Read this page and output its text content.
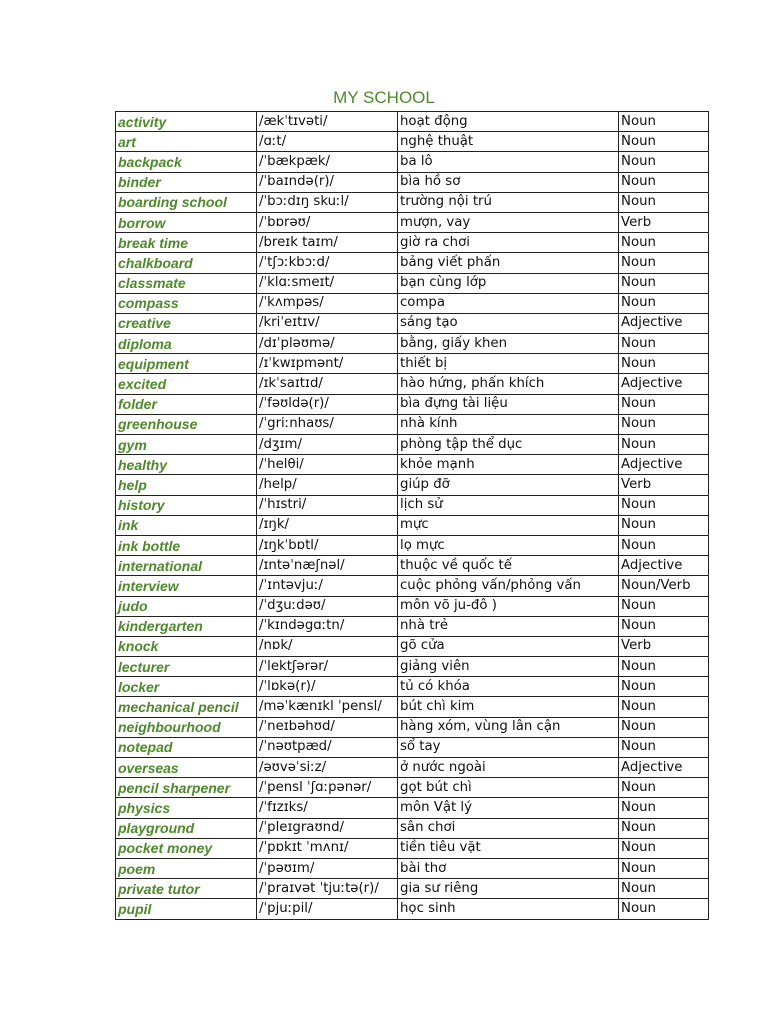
MY SCHOOL
activity	/ækˈtɪvəti/	hoạt động	Noun
art	/ɑːt/	nghệ thuật	Noun
backpack	/ˈbækpæk/	ba lô	Noun
binder	/ˈbaɪndə(r)/	bìa hồ sơ	Noun
boarding school	/ˈbɔːdɪŋ skuːl/	trường nội trú	Noun
borrow	/ˈbɒrəʊ/	mượn, vay	Verb
break time	/breɪk taɪm/	giờ ra chơi	Noun
chalkboard	/ˈtʃɔːkbɔːd/	bảng viết phấn	Noun
classmate	/ˈklɑːsmeɪt/	bạn cùng lớp	Noun
compass	/ˈkʌmpəs/	compa	Noun
creative	/kriˈeɪtɪv/	sáng tạo	Adjective
diploma	/dɪˈpləʊmə/	bằng, giấy khen	Noun
equipment	/ɪˈkwɪpmənt/	thiết bị	Noun
excited	/ɪkˈsaɪtɪd/	hào hứng, phấn khích	Adjective
folder	/ˈfəʊldə(r)/	bìa đựng tài liệu	Noun
greenhouse	/ˈgriːnhaʊs/	nhà kính	Noun
gym	/dʒɪm/	phòng tập thể dục	Noun
healthy	/ˈhelθi/	khỏe mạnh	Adjective
help	/help/	giúp đỡ	Verb
history	/ˈhɪstri/	lịch sử	Noun
ink	/ɪŋk/	mực	Noun
ink bottle	/ɪŋkˈbɒtl/	lọ mực	Noun
international	/ɪntəˈnæʃnəl/	thuộc về quốc tế	Adjective
interview	/ˈɪntəvjuː/	cuộc phỏng vấn/phỏng vấn	Noun/Verb
judo	/ˈdʒuːdəʊ/	môn võ ju-đô )	Noun
kindergarten	/ˈkɪndəgɑːtn/	nhà trẻ	Noun
knock	/nɒk/	gõ cửa	Verb
lecturer	/ˈlektʃərər/	giảng viên	Noun
locker	/ˈlɒkə(r)/	tủ có khóa	Noun
mechanical pencil	/məˈkænɪkl ˈpensl/	bút chì kim	Noun
neighbourhood	/ˈneɪbəhʊd/	hàng xóm, vùng lân cận	Noun
notepad	/ˈnəʊtpæd/	sổ tay	Noun
overseas	/əʊvəˈsiːz/	ở nước ngoài	Adjective
pencil sharpener	/ˈpensl ˈʃɑːpənər/	gọt bút chì	Noun
physics	/ˈfɪzɪks/	môn Vật lý	Noun
playground	/ˈpleɪgraʊnd/	sân chơi	Noun
pocket money	/ˈpɒkɪt ˈmʌnɪ/	tiền tiêu vặt	Noun
poem	/ˈpəʊɪm/	bài thơ	Noun
private tutor	/ˈpraɪvət ˈtjuːtə(r)/	gia sư riêng	Noun
pupil	/ˈpjuːpil/	học sinh	Noun
